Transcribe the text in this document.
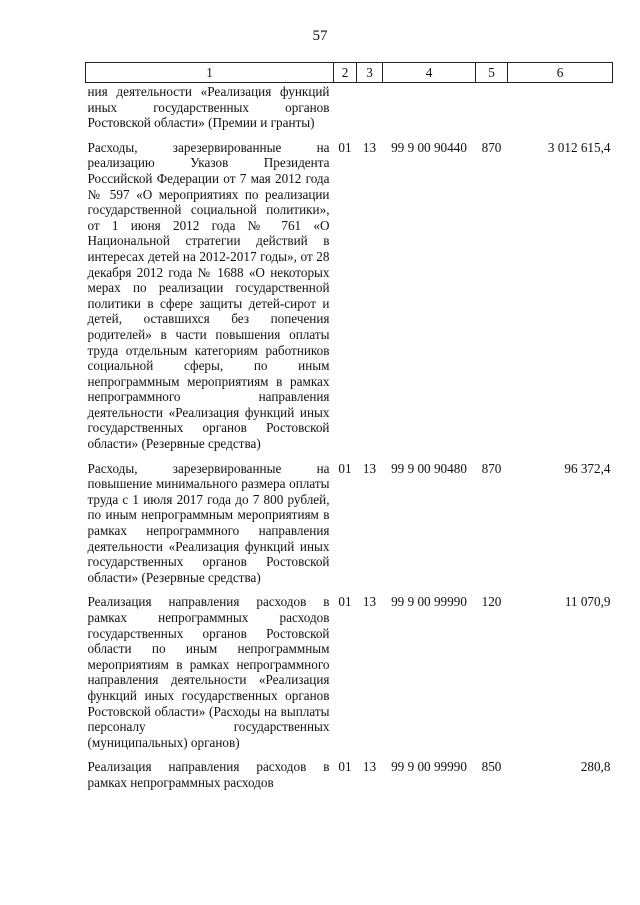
57
1	2	3	4	5	6
ния деятельности «Реализация функций иных государственных органов Ростовской области» (Премии и гранты)					
Расходы, зарезервированные на реализацию Указов Президента Российской Федерации от 7 мая 2012 года № 597 «О мероприятиях по реализации государственной социальной политики», от 1 июня 2012 года № 761 «О Национальной стратегии действий в интересах детей на 2012-2017 годы», от 28 декабря 2012 года № 1688 «О некоторых мерах по реализации государственной политики в сфере защиты детей-сирот и детей, оставшихся без попечения родителей» в части повышения оплаты труда отдельным категориям работников социальной сферы, по иным непрограммным мероприятиям в рамках непрограммного направления деятельности «Реализация функций иных государственных органов Ростовской области» (Резервные средства)	01	13	99 9 00 90440	870	3 012 615,4
Расходы, зарезервированные на повышение минимального размера оплаты труда с 1 июля 2017 года до 7 800 рублей, по иным непрограммным мероприятиям в рамках непрограммного направления деятельности «Реализация функций иных государственных органов Ростовской области» (Резервные средства)	01	13	99 9 00 90480	870	96 372,4
Реализация направления расходов в рамках непрограммных расходов государственных органов Ростовской области по иным непрограммным мероприятиям в рамках непрограммного направления деятельности «Реализация функций иных государственных органов Ростовской области» (Расходы на выплаты персоналу государственных (муниципальных) органов)	01	13	99 9 00 99990	120	11 070,9
Реализация направления расходов в рамках непрограммных расходов	01	13	99 9 00 99990	850	280,8
